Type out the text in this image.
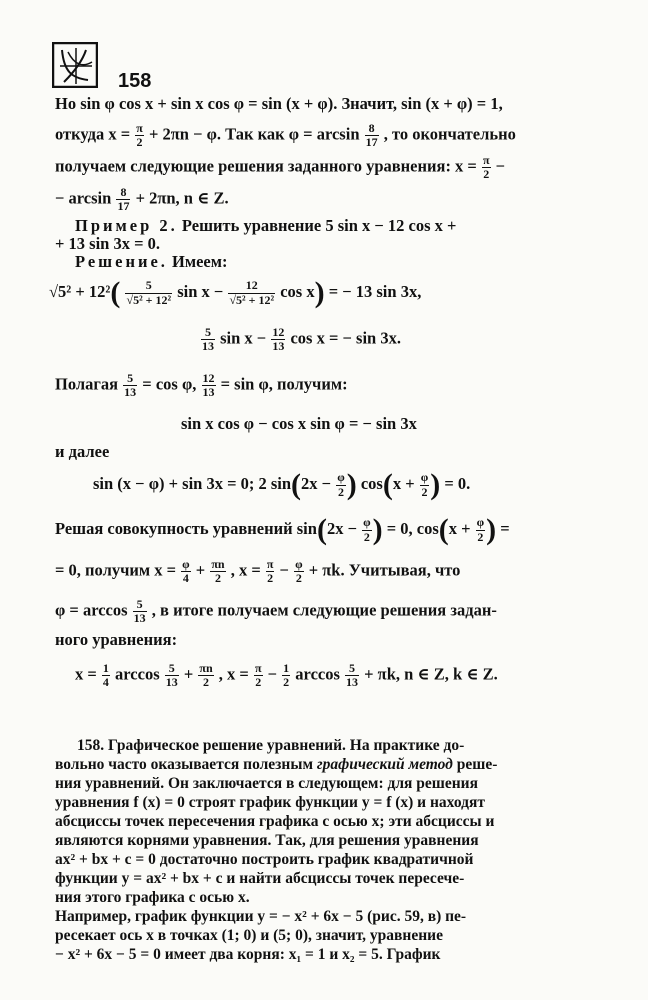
158
Но sin φ cos x + sin x cos φ = sin (x + φ). Значит, sin (x + φ) = 1,
откуда $x = \frac{\pi}{2} + 2\pi n - \varphi$. Так как $\varphi = \arcsin \frac{8}{17}$ , то окончательно
получаем следующие решения заданного уравнения: $x = \frac{\pi}{2}$ −
− $\arcsin \frac{8}{17} + 2\pi n$, n ∈ Z.
Пример 2. Решить уравнение 5 sin x − 12 cos x +
+ 13 sin 3x = 0.
Решение. Имеем:
$√5^2 + 12^2( \frac{5}{\text{√5² + 12²}}$ $\sin x - \frac{12}{\text{√5² + 12²}}$ cos x) = − 13 sin 3x,
$\frac{5}{13}$ $\sin x - \frac{12}{13}$ cos x = − sin 3x.
Полагая $\frac{5}{13} = \cos \varphi$, $\frac{12}{13} = \sin \varphi$, получим:
sin x cos φ − cos x sin φ = − sin 3x
и далее
sin (x − φ) + sin 3x = 0; 2 $\sin(2x - \frac{\varphi}{2}$ ) $\cos(x + \frac{\varphi}{2}$ ) = 0.
Решая совокупность уравнений $\sin(2x - \frac{\varphi}{2}$ ) = 0, $\cos(x + \frac{\varphi}{2}$ ) =
= 0, получим $x = \frac{\varphi}{4} + \frac{\pi n}{2}$ , $x = \frac{\pi}{2} - \frac{\varphi}{2} + \pi k$. Учитывая, что
$\varphi = \arccos \frac{5}{13}$ , в итоге получаем следующие решения задан-
ного уравнения:
$x = \frac{1}{4}$ $\arccos \frac{5}{13} + \frac{\pi n}{2}$ , $x = \frac{\pi}{2} - \frac{1}{2}$ $\arccos \frac{5}{13} + \pi k$, n ∈ Z, k ∈ Z.
158. Графическое решение уравнений. На практике до-
вольно часто оказывается полезным графический метод реше-
ния уравнений. Он заключается в следующем: для решения
уравнения f (x) = 0 строят график функции y = f (x) и находят
абсциссы точек пересечения графика с осью x; эти абсциссы и
являются корнями уравнения. Так, для решения уравнения
ax² + bx + c = 0 достаточно построить график квадратичной
функции y = ax² + bx + c и найти абсциссы точек пересече-
ния этого графика с осью x.
Например, график функции y = − x² + 6x − 5 (рис. 59, в) пе-
ресекает ось x в точках (1; 0) и (5; 0), значит, уравнение
− x² + 6x − 5 = 0 имеет два корня: x₁ = 1 и x₂ = 5. График
